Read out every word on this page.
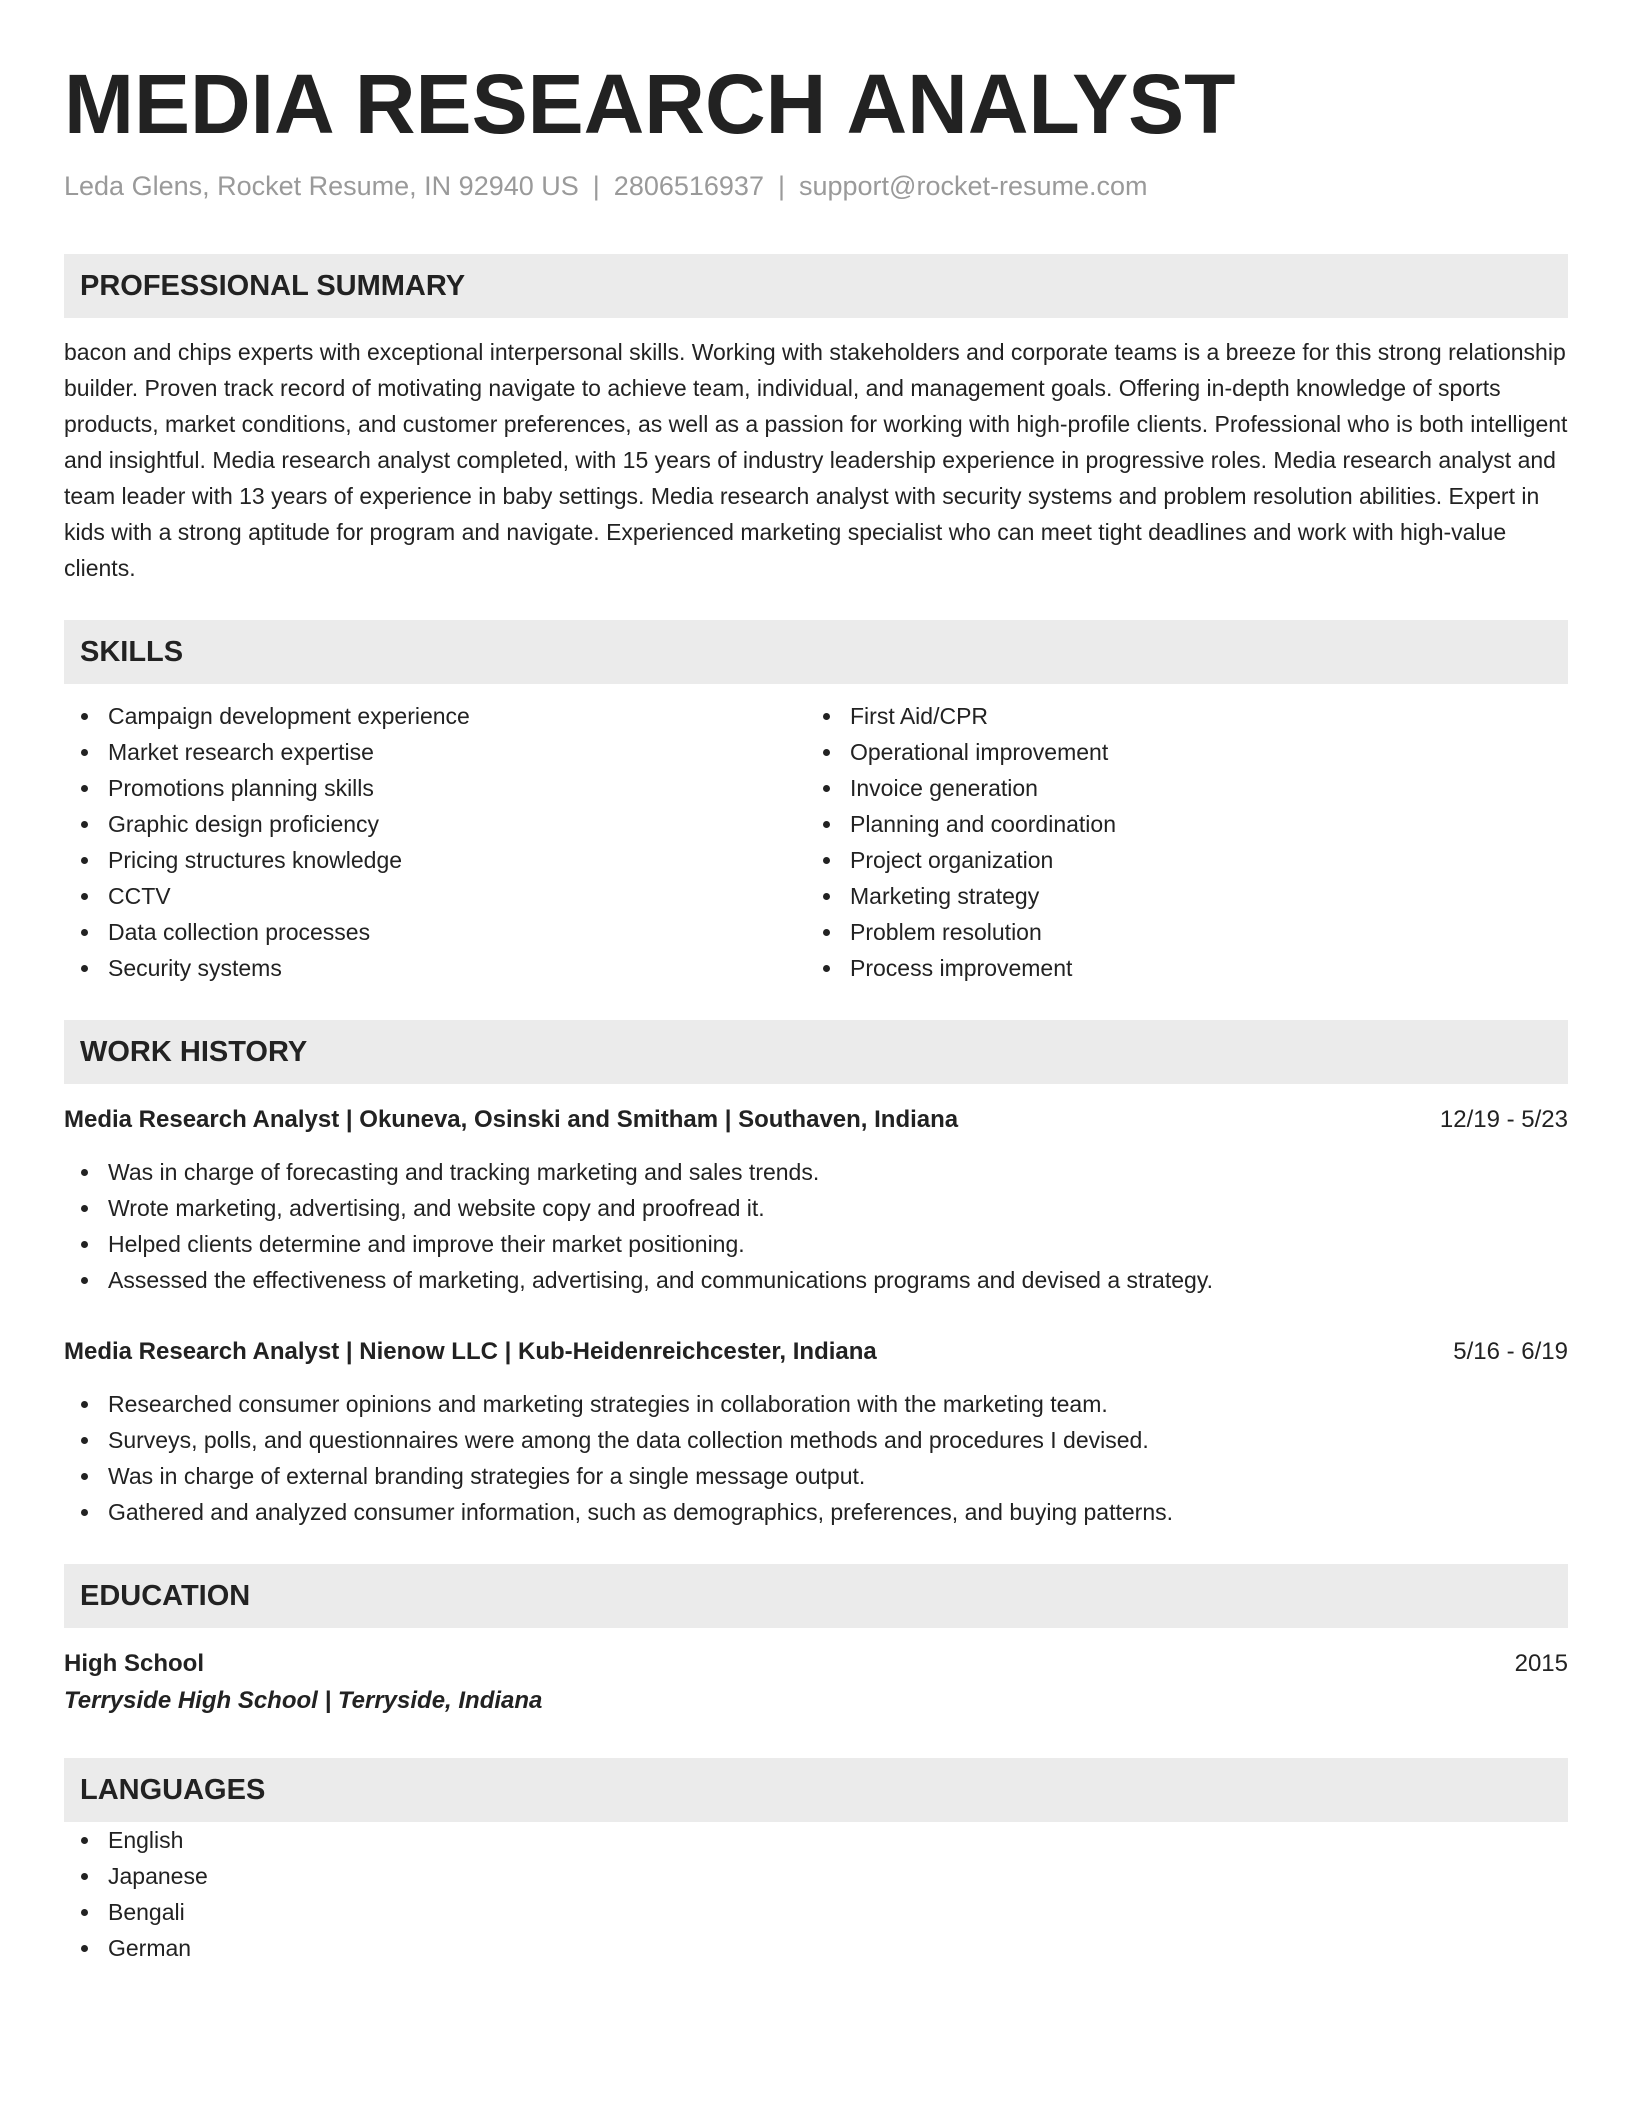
MEDIA RESEARCH ANALYST
Leda Glens, Rocket Resume, IN 92940 US | 2806516937 | support@rocket-resume.com
PROFESSIONAL SUMMARY
bacon and chips experts with exceptional interpersonal skills. Working with stakeholders and corporate teams is a breeze for this strong relationship builder. Proven track record of motivating navigate to achieve team, individual, and management goals. Offering in-depth knowledge of sports products, market conditions, and customer preferences, as well as a passion for working with high-profile clients. Professional who is both intelligent and insightful. Media research analyst completed, with 15 years of industry leadership experience in progressive roles. Media research analyst and team leader with 13 years of experience in baby settings. Media research analyst with security systems and problem resolution abilities. Expert in kids with a strong aptitude for program and navigate. Experienced marketing specialist who can meet tight deadlines and work with high-value clients.
SKILLS
Campaign development experience
Market research expertise
Promotions planning skills
Graphic design proficiency
Pricing structures knowledge
CCTV
Data collection processes
Security systems
First Aid/CPR
Operational improvement
Invoice generation
Planning and coordination
Project organization
Marketing strategy
Problem resolution
Process improvement
WORK HISTORY
Media Research Analyst | Okuneva, Osinski and Smitham | Southaven, Indiana	12/19 - 5/23
Was in charge of forecasting and tracking marketing and sales trends.
Wrote marketing, advertising, and website copy and proofread it.
Helped clients determine and improve their market positioning.
Assessed the effectiveness of marketing, advertising, and communications programs and devised a strategy.
Media Research Analyst | Nienow LLC | Kub-Heidenreichcester, Indiana	5/16 - 6/19
Researched consumer opinions and marketing strategies in collaboration with the marketing team.
Surveys, polls, and questionnaires were among the data collection methods and procedures I devised.
Was in charge of external branding strategies for a single message output.
Gathered and analyzed consumer information, such as demographics, preferences, and buying patterns.
EDUCATION
High School	2015
Terryside High School | Terryside, Indiana
LANGUAGES
English
Japanese
Bengali
German
